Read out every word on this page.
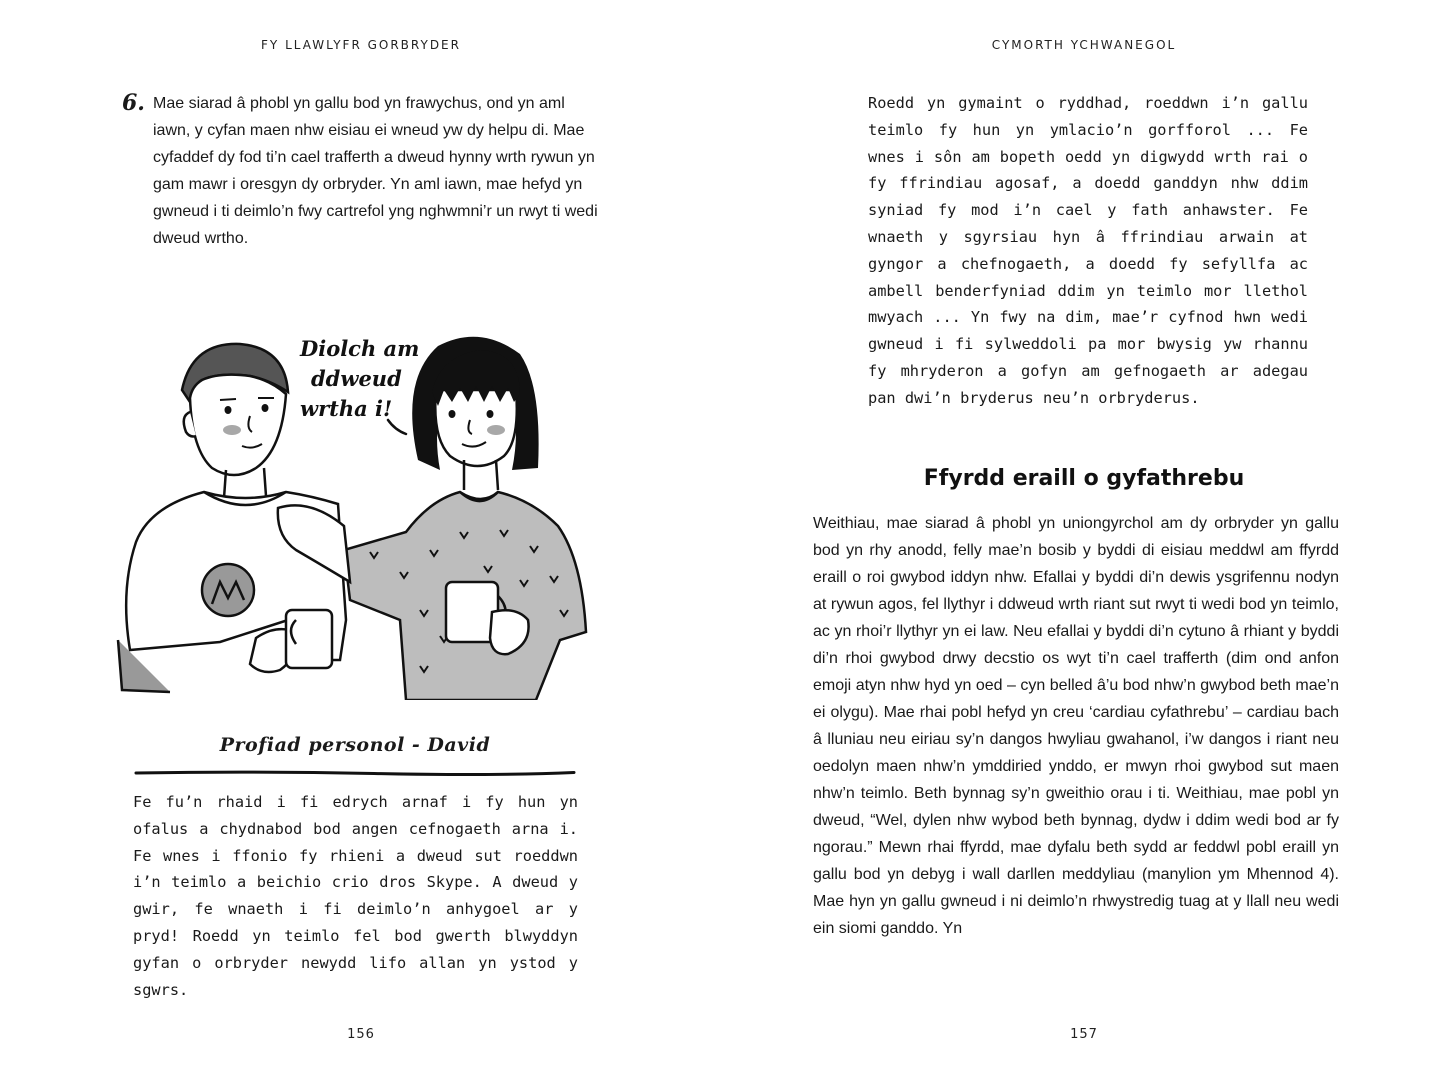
FY LLAWLYFR GORBRYDER
6. Mae siarad â phobl yn gallu bod yn frawychus, ond yn aml iawn, y cyfan maen nhw eisiau ei wneud yw dy helpu di. Mae cyfaddef dy fod ti’n cael trafferth a dweud hynny wrth rywun yn gam mawr i oresgyn dy orbryder. Yn aml iawn, mae hefyd yn gwneud i ti deimlo’n fwy cartrefol yng nghwmni’r un rwyt ti wedi dweud wrtho.
Diolch am
ddweud
wrtha i!
Profiad personol - David
Fe fu’n rhaid i fi edrych arnaf i fy hun yn ofalus a chydnabod bod angen cefnogaeth arna i. Fe wnes i ffonio fy rhieni a dweud sut roeddwn i’n teimlo a beichio crio dros Skype. A dweud y gwir, fe wnaeth i fi deimlo’n anhygoel ar y pryd! Roedd yn teimlo fel bod gwerth blwyddyn gyfan o orbryder newydd lifo allan yn ystod y sgwrs.
156
CYMORTH YCHWANEGOL
Roedd yn gymaint o ryddhad, roeddwn i’n gallu teimlo fy hun yn ymlacio’n gorfforol ... Fe wnes i sôn am bopeth oedd yn digwydd wrth rai o fy ffrindiau agosaf, a doedd ganddyn nhw ddim syniad fy mod i’n cael y fath anhawster. Fe wnaeth y sgyrsiau hyn â ffrindiau arwain at gyngor a chefnogaeth, a doedd fy sefyllfa ac ambell benderfyniad ddim yn teimlo mor llethol mwyach ... Yn fwy na dim, mae’r cyfnod hwn wedi gwneud i fi sylweddoli pa mor bwysig yw rhannu fy mhryderon a gofyn am gefnogaeth ar adegau pan dwi’n bryderus neu’n orbryderus.
Ffyrdd eraill o gyfathrebu
Weithiau, mae siarad â phobl yn uniongyrchol am dy orbryder yn gallu bod yn rhy anodd, felly mae’n bosib y byddi di eisiau meddwl am ffyrdd eraill o roi gwybod iddyn nhw. Efallai y byddi di’n dewis ysgrifennu nodyn at rywun agos, fel llythyr i ddweud wrth riant sut rwyt ti wedi bod yn teimlo, ac yn rhoi’r llythyr yn ei law. Neu efallai y byddi di’n cytuno â rhiant y byddi di’n rhoi gwybod drwy decstio os wyt ti’n cael trafferth (dim ond anfon emoji atyn nhw hyd yn oed – cyn belled â’u bod nhw’n gwybod beth mae’n ei olygu). Mae rhai pobl hefyd yn creu ‘cardiau cyfathrebu’ – cardiau bach â lluniau neu eiriau sy’n dangos hwyliau gwahanol, i’w dangos i riant neu oedolyn maen nhw’n ymddiried ynddo, er mwyn rhoi gwybod sut maen nhw’n teimlo. Beth bynnag sy’n gweithio orau i ti. Weithiau, mae pobl yn dweud, “Wel, dylen nhw wybod beth bynnag, dydw i ddim wedi bod ar fy ngorau.” Mewn rhai ffyrdd, mae dyfalu beth sydd ar feddwl pobl eraill yn gallu bod yn debyg i wall darllen meddyliau (manylion ym Mhennod 4). Mae hyn yn gallu gwneud i ni deimlo’n rhwystredig tuag at y llall neu wedi ein siomi ganddo. Yn
157
